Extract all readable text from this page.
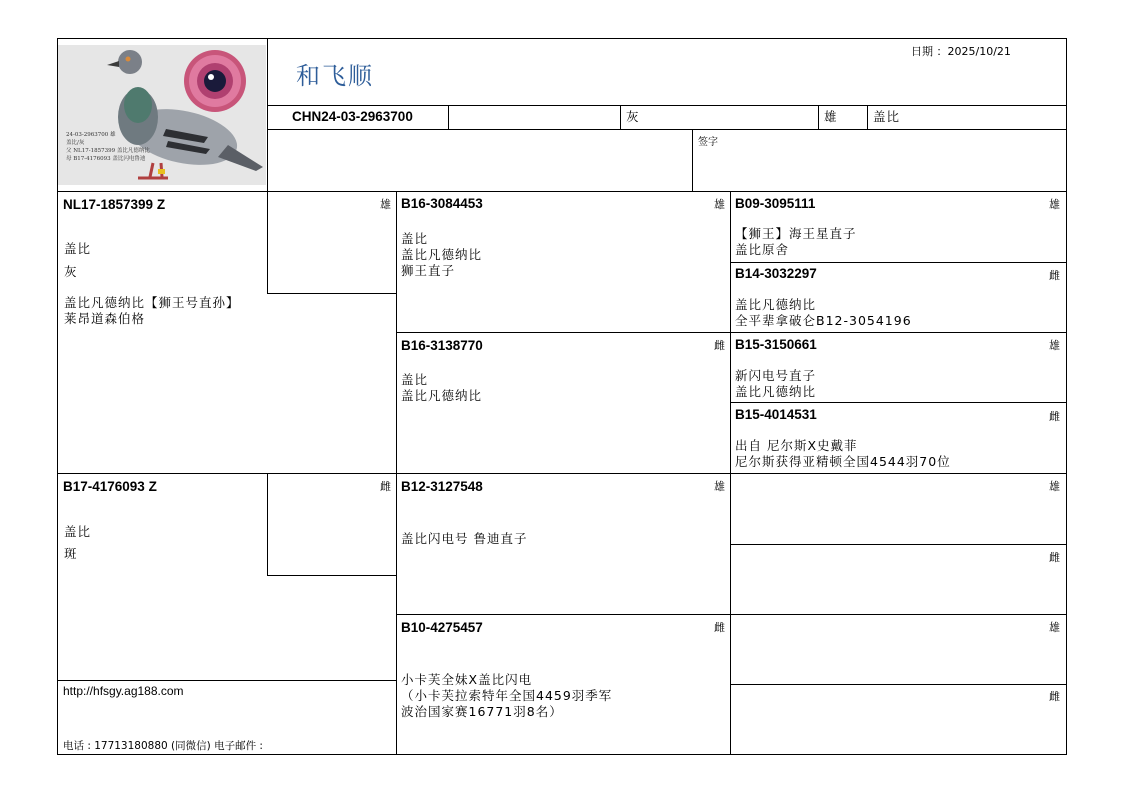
24-03-2963700 雄
盖比/灰
父 NL17-1857399 盖比凡德纳比
母 B17-4176093 盖比闪电鲁迪
日期 ：2025/10/21
和飞顺
CHN24-03-2963700	灰	雄	盖比
签字
NL17-1857399 Z
盖比
灰
盖比凡德纳比【狮王号直孙】
莱昂道森伯格
雄
B17-4176093 Z
盖比
斑
雌
http://hfsgy.ag188.com
电话 : 17713180880 (同微信) 电子邮件 :
B16-3084453	雄
盖比
盖比凡德纳比
狮王直子
B16-3138770	雌
盖比
盖比凡德纳比
B12-3127548	雄
盖比闪电号 鲁迪直子
B10-4275457	雌
小卡芙全妹X盖比闪电
（小卡芙拉索特年全国4459羽季军
波治国家赛16771羽8名）
B09-3095111	雄
【狮王】海王星直子
盖比原舍
B14-3032297	雌
盖比凡德纳比
全平辈拿破仑B12-3054196
B15-3150661	雄
新闪电号直子
盖比凡德纳比
B15-4014531	雌
出自 尼尔斯X史戴菲
尼尔斯获得亚精顿全国4544羽70位
雄
雌
雄
雌
